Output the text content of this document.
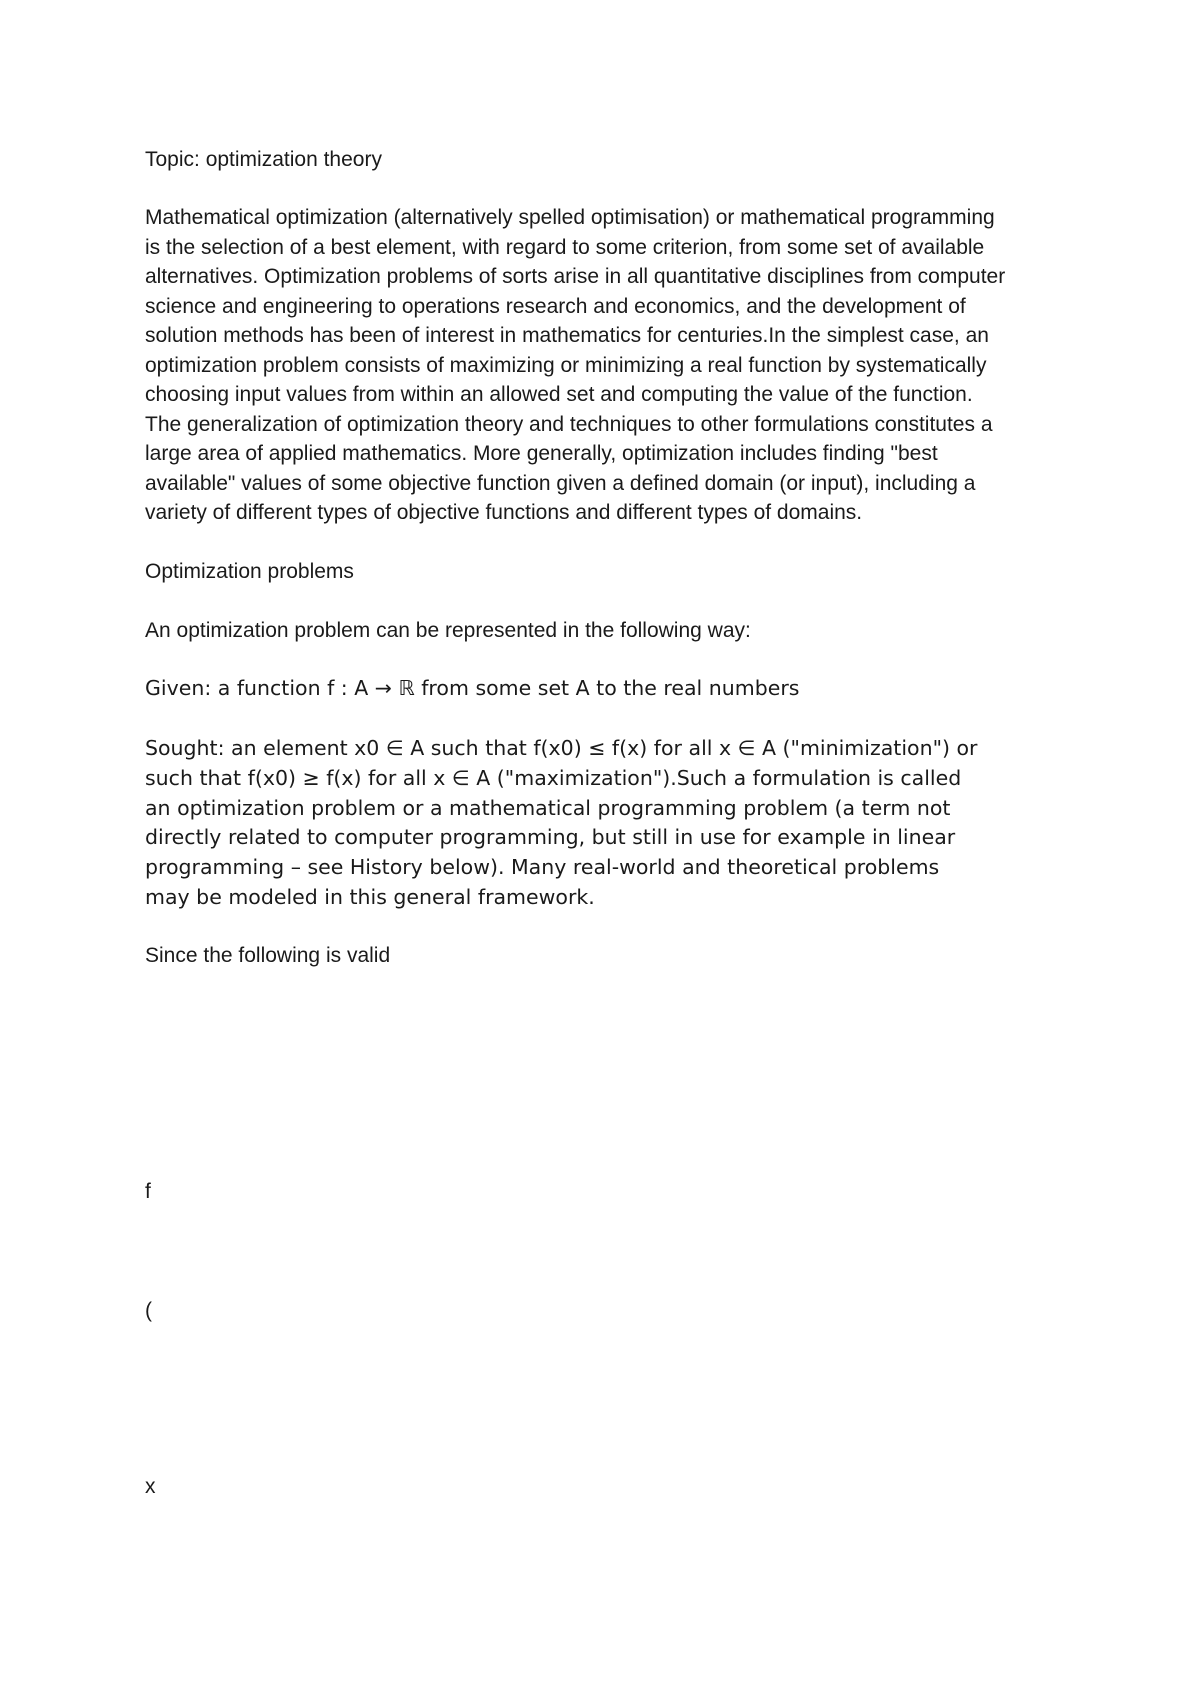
Topic: optimization theory

Mathematical optimization (alternatively spelled optimisation) or mathematical programming
is the selection of a best element, with regard to some criterion, from some set of available
alternatives. Optimization problems of sorts arise in all quantitative disciplines from computer
science and engineering to operations research and economics, and the development of
solution methods has been of interest in mathematics for centuries.In the simplest case, an
optimization problem consists of maximizing or minimizing a real function by systematically
choosing input values from within an allowed set and computing the value of the function.
The generalization of optimization theory and techniques to other formulations constitutes a
large area of applied mathematics. More generally, optimization includes finding "best
available" values of some objective function given a defined domain (or input), including a
variety of different types of objective functions and different types of domains.

Optimization problems

An optimization problem can be represented in the following way:

Given: a function f : A → ℝ from some set A to the real numbers

Sought: an element x0 ∈ A such that f(x0) ≤ f(x) for all x ∈ A ("minimization") or
such that f(x0) ≥ f(x) for all x ∈ A ("maximization").Such a formulation is called
an optimization problem or a mathematical programming problem (a term not
directly related to computer programming, but still in use for example in linear
programming – see History below). Many real-world and theoretical problems
may be modeled in this general framework.

Since the following is valid

f

(

x
